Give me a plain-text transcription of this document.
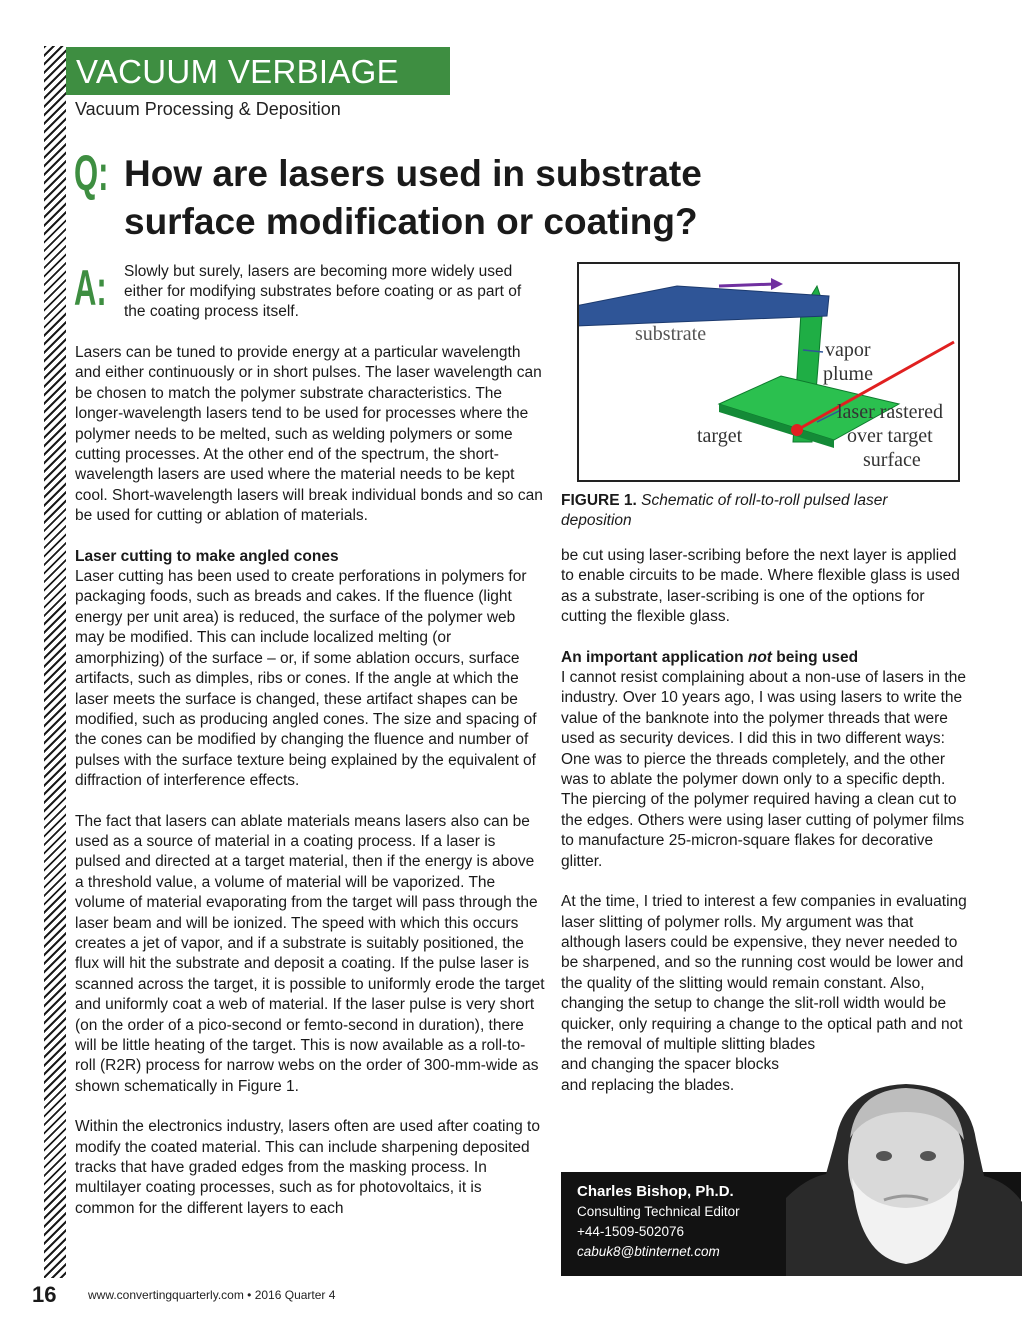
VACUUM VERBIAGE
Vacuum Processing & Deposition
Q: How are lasers used in substrate surface modification or coating?
A: Slowly but surely, lasers are becoming more widely used either for modifying substrates before coating or as part of the coating process itself.

Lasers can be tuned to provide energy at a particular wavelength and either continuously or in short pulses. The laser wavelength can be chosen to match the polymer substrate characteristics. The longer-wavelength lasers tend to be used for processes where the polymer needs to be melted, such as welding polymers or some cutting processes. At the other end of the spectrum, the short-wavelength lasers are used where the material needs to be kept cool. Short-wavelength lasers will break individual bonds and so can be used for cutting or ablation of materials.

Laser cutting to make angled cones

Laser cutting has been used to create perforations in polymers for packaging foods, such as breads and cakes. If the fluence (light energy per unit area) is reduced, the surface of the polymer web may be modified. This can include localized melting (or amorphizing) of the surface – or, if some ablation occurs, surface artifacts, such as dimples, ribs or cones. If the angle at which the laser meets the surface is changed, these artifact shapes can be modified, such as producing angled cones. The size and spacing of the cones can be modified by changing the fluence and number of pulses with the surface texture being explained by the equivalent of diffraction of interference effects.

The fact that lasers can ablate materials means lasers also can be used as a source of material in a coating process. If a laser is pulsed and directed at a target material, then if the energy is above a threshold value, a volume of material will be vaporized. The volume of material evaporating from the target will pass through the laser beam and will be ionized. The speed with which this occurs creates a jet of vapor, and if a substrate is suitably positioned, the flux will hit the substrate and deposit a coating. If the pulse laser is scanned across the target, it is possible to uniformly erode the target and uniformly coat a web of material. If the laser pulse is very short (on the order of a pico-second or femto-second in duration), there will be little heating of the target. This is now available as a roll-to-roll (R2R) process for narrow webs on the order of 300-mm-wide as shown schematically in Figure 1.

Within the electronics industry, lasers often are used after coating to modify the coated material. This can include sharpening deposited tracks that have graded edges from the masking process. In multilayer coating processes, such as for photovoltaics, it is common for the different layers to each

substrate
vapor
plume
target
laser rastered
over target
surface
FIGURE 1. Schematic of roll-to-roll pulsed laser deposition

be cut using laser-scribing before the next layer is applied to enable circuits to be made. Where flexible glass is used as a substrate, laser-scribing is one of the options for cutting the flexible glass.

An important application not being used

I cannot resist complaining about a non-use of lasers in the industry. Over 10 years ago, I was using lasers to write the value of the banknote into the polymer threads that were used as security devices. I did this in two different ways: One was to pierce the threads completely, and the other was to ablate the polymer down only to a specific depth. The piercing of the polymer required having a clean cut to the edges. Others were using laser cutting of polymer films to manufacture 25-micron-square flakes for decorative glitter.

At the time, I tried to interest a few companies in evaluating laser slitting of polymer rolls. My argument was that although lasers could be expensive, they never needed to be sharpened, and so the running cost would be lower and the quality of the slitting would remain constant. Also, changing the setup to change the slit-roll width would be quicker, only requiring a change to the optical path and not the removal of multiple slitting blades
and changing the spacer blocks
and replacing the blades.

Charles Bishop, Ph.D.
Consulting Technical Editor
+44-1509-502076
cabuk8@btinternet.com
16	www.convertingquarterly.com • 2016 Quarter 4
